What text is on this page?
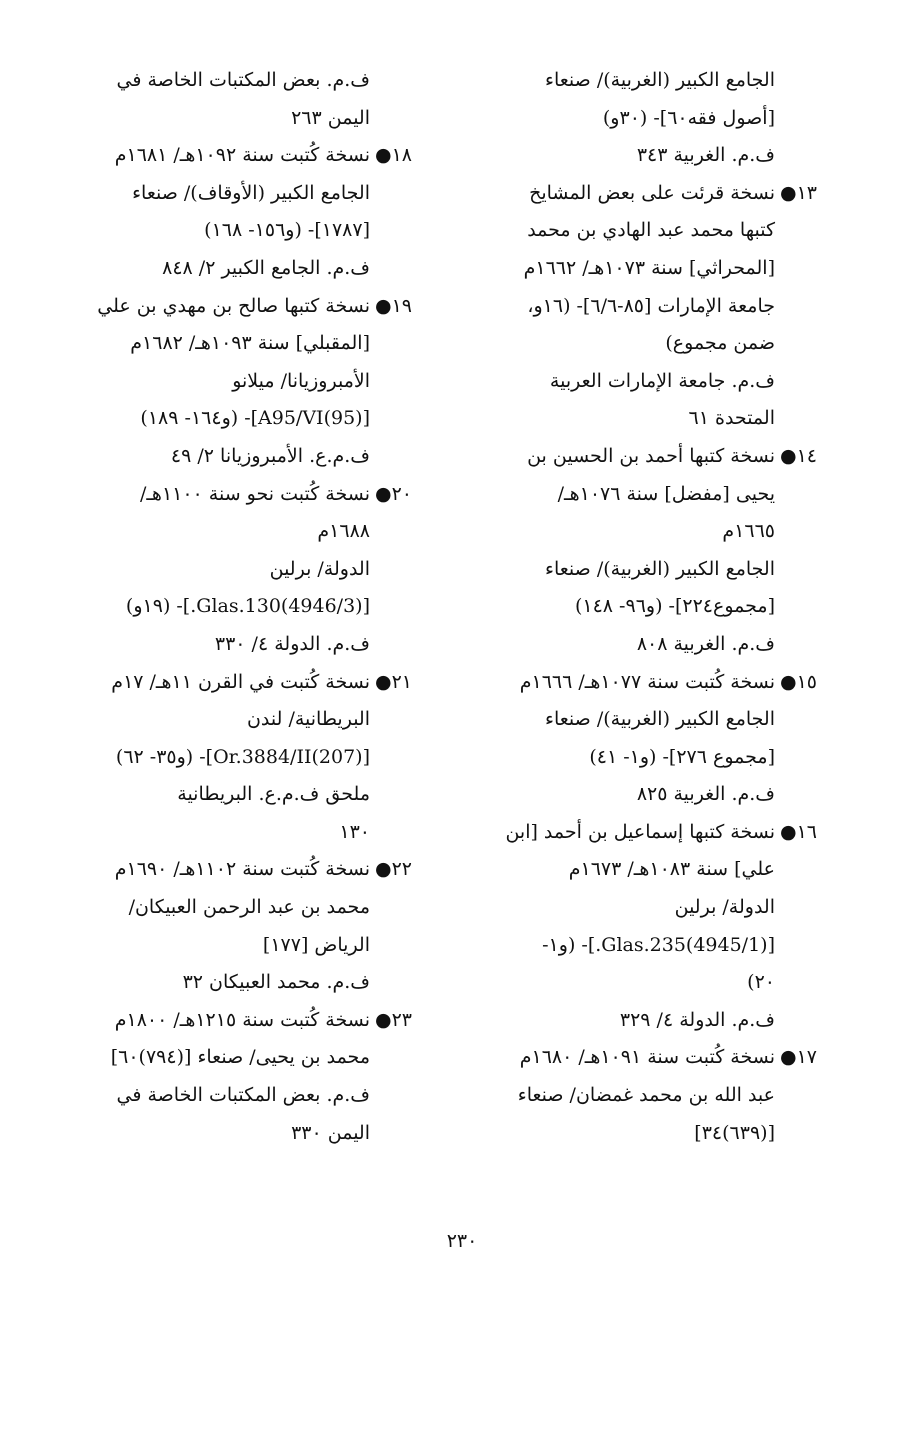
الجامع الكبير (الغربية)/ صنعاء
[أصول فقه٦٠]- (٣٠و)
ف.م. الغربية ٣٤٣
١٣●
نسخة قرئت على بعض المشايخ
كتبها محمد عبد الهادي بن محمد
[المحراثي] سنة ١٠٧٣هـ/ ١٦٦٢م
جامعة الإمارات [٨٥-٦/٦]- (١٦و،
ضمن مجموع)
ف.م. جامعة الإمارات العربية
المتحدة ٦١
١٤●
نسخة كتبها أحمد بن الحسين بن
يحيى [مفضل] سنة ١٠٧٦هـ/
١٦٦٥م
الجامع الكبير (الغربية)/ صنعاء
[مجموع٢٢٤]- (و٩٦- ١٤٨)
ف.م. الغربية ٨٠٨
١٥●
نسخة كُتبت سنة ١٠٧٧هـ/ ١٦٦٦م
الجامع الكبير (الغربية)/ صنعاء
[مجموع ٢٧٦]- (و١- ٤١)
ف.م. الغربية ٨٢٥
١٦●
نسخة كتبها إسماعيل بن أحمد [ابن
علي] سنة ١٠٨٣هـ/ ١٦٧٣م
الدولة/ برلين
[(4945/1)Glas.235.]- (و١-
٢٠)
ف.م. الدولة ٤/ ٣٢٩
١٧●
نسخة كُتبت سنة ١٠٩١هـ/ ١٦٨٠م
عبد الله بن محمد غمضان/ صنعاء
[(٦٣٩)٣٤]
ف.م. بعض المكتبات الخاصة في
اليمن ٢٦٣
١٨●
نسخة كُتبت سنة ١٠٩٢هـ/ ١٦٨١م
الجامع الكبير (الأوقاف)/ صنعاء
[١٧٨٧]- (و١٥٦- ١٦٨)
ف.م. الجامع الكبير ٢/ ٨٤٨
١٩●
نسخة كتبها صالح بن مهدي بن علي
[المقبلي] سنة ١٠٩٣هـ/ ١٦٨٢م
الأمبروزيانا/ ميلانو
[(95)A95/VI]- (و١٦٤- ١٨٩)
ف.م.ع. الأمبروزيانا ٢/ ٤٩
٢٠●
نسخة كُتبت نحو سنة ١١٠٠هـ/
١٦٨٨م
الدولة/ برلين
[(4946/3)Glas.130.]- (١٩و)
ف.م. الدولة ٤/ ٣٣٠
٢١●
نسخة كُتبت في القرن ١١هـ/ ١٧م
البريطانية/ لندن
[(207)Or.3884/II]- (و٣٥- ٦٢)
ملحق ف.م.ع. البريطانية
١٣٠
٢٢●
نسخة كُتبت سنة ١١٠٢هـ/ ١٦٩٠م
محمد بن عبد الرحمن العبيكان/
الرياض [١٧٧]
ف.م. محمد العبيكان ٣٢
٢٣●
نسخة كُتبت سنة ١٢١٥هـ/ ١٨٠٠م
محمد بن يحيى/ صنعاء [(٧٩٤)٦٠]
ف.م. بعض المكتبات الخاصة في
اليمن ٣٣٠
٢٣٠
